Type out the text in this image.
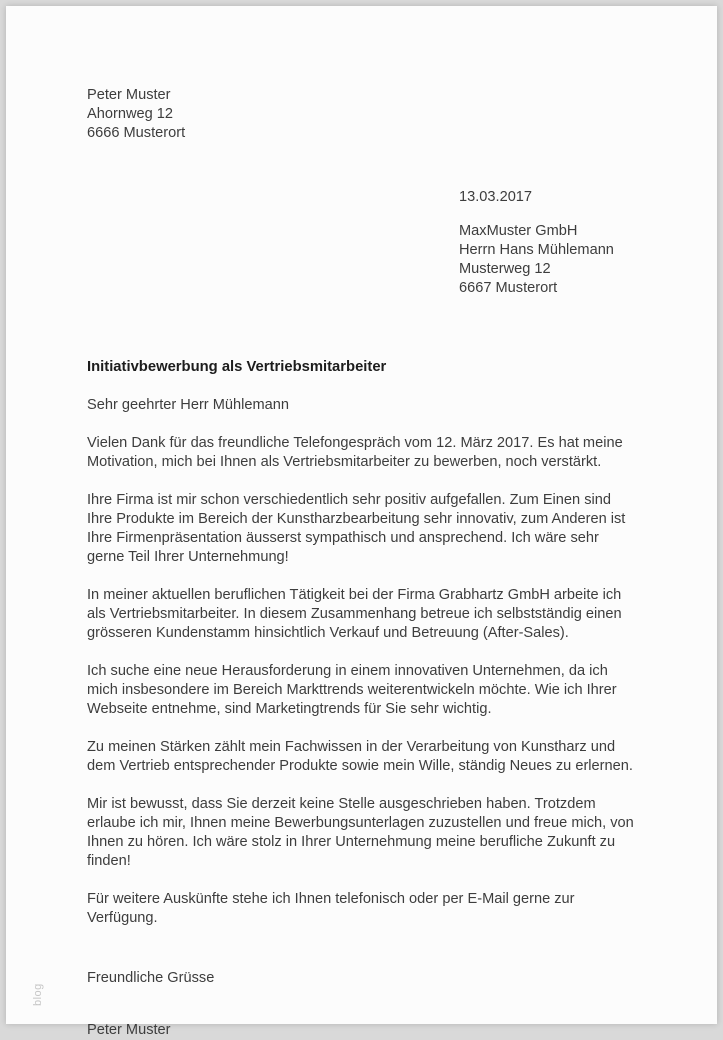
Peter Muster
Ahornweg 12
6666 Musterort
13.03.2017
MaxMuster GmbH
Herrn Hans Mühlemann
Musterweg 12
6667 Musterort
Initiativbewerbung als Vertriebsmitarbeiter
Sehr geehrter Herr Mühlemann

Vielen Dank für das freundliche Telefongespräch vom 12. März 2017. Es hat meine Motivation, mich bei Ihnen als Vertriebsmitarbeiter zu bewerben, noch verstärkt.

Ihre Firma ist mir schon verschiedentlich sehr positiv aufgefallen. Zum Einen sind Ihre Produkte im Bereich der Kunstharzbearbeitung sehr innovativ, zum Anderen ist Ihre Firmenpräsentation äusserst sympathisch und ansprechend. Ich wäre sehr gerne Teil Ihrer Unternehmung!

In meiner aktuellen beruflichen Tätigkeit bei der Firma Grabhartz GmbH arbeite ich als Vertriebsmitarbeiter. In diesem Zusammenhang betreue ich selbstständig einen grösseren Kundenstamm hinsichtlich Verkauf und Betreuung (After-Sales).

Ich suche eine neue Herausforderung in einem innovativen Unternehmen, da ich mich insbesondere im Bereich Markttrends weiterentwickeln möchte. Wie ich Ihrer Webseite entnehme, sind Marketingtrends für Sie sehr wichtig.

Zu meinen Stärken zählt mein Fachwissen in der Verarbeitung von Kunstharz und dem Vertrieb entsprechender Produkte sowie mein Wille, ständig Neues zu erlernen.

Mir ist bewusst, dass Sie derzeit keine Stelle ausgeschrieben haben. Trotzdem erlaube ich mir, Ihnen meine Bewerbungsunterlagen zuzustellen und freue mich, von Ihnen zu hören. Ich wäre stolz in Ihrer Unternehmung meine berufliche Zukunft zu finden!

Für weitere Auskünfte stehe ich Ihnen telefonisch oder per E-Mail gerne zur Verfügung.

Freundliche Grüsse
Peter Muster
blog
